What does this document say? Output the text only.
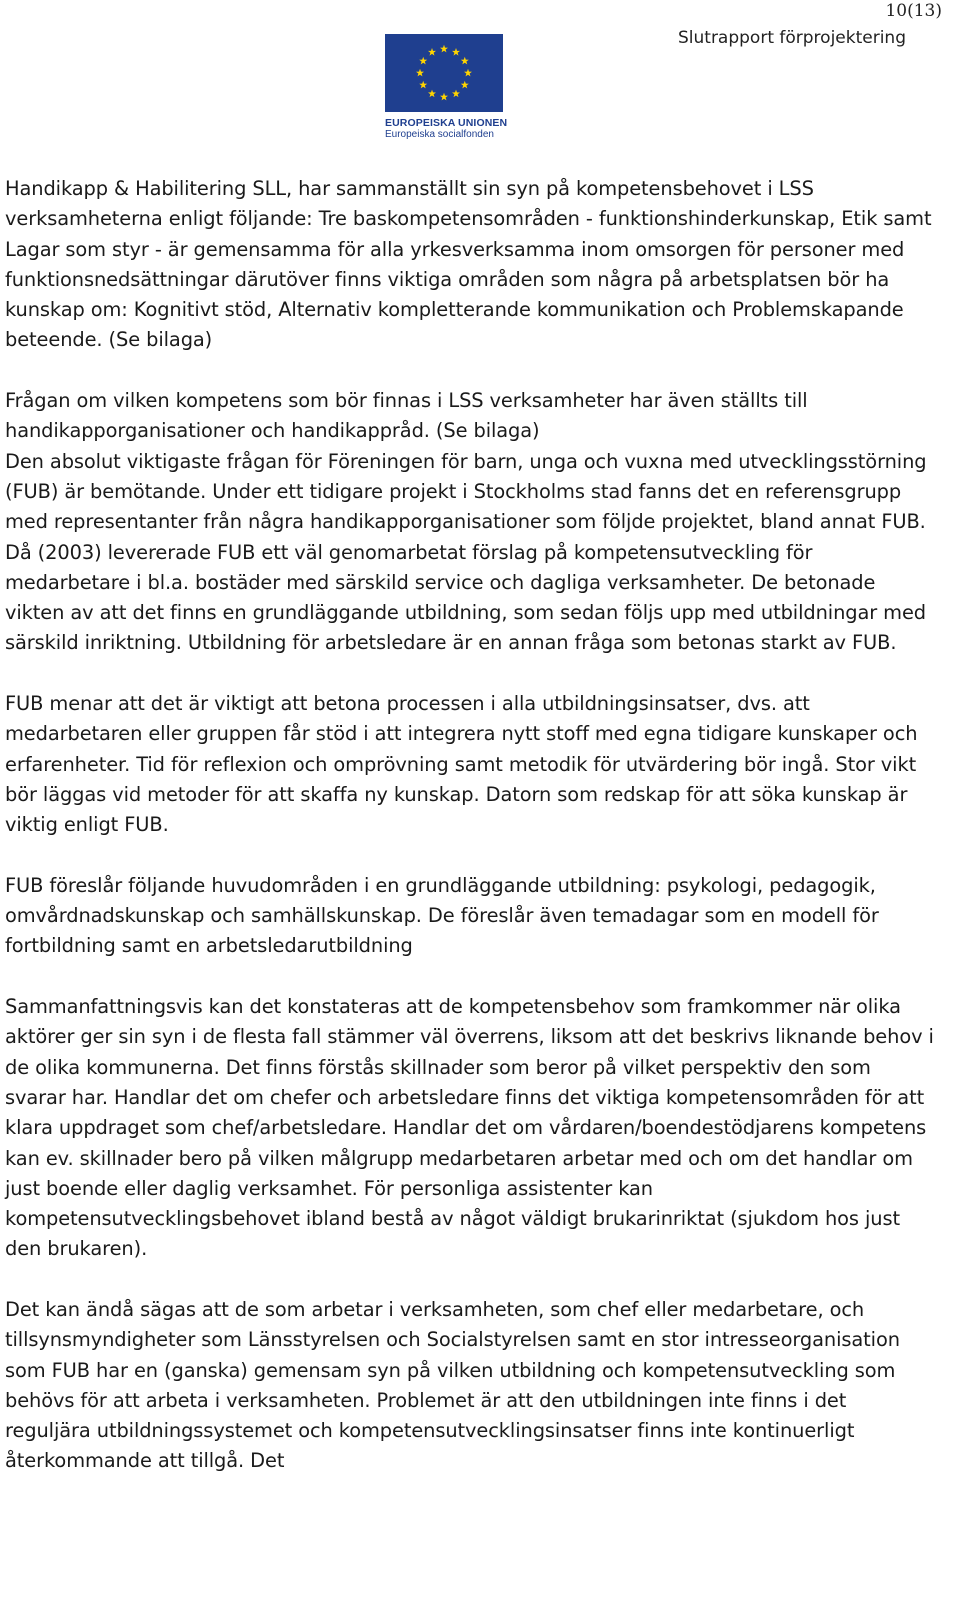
10(13)
Slutrapport förprojektering
EUROPEISKA UNIONEN
Europeiska socialfonden

Handikapp & Habilitering SLL, har sammanställt sin syn på kompetensbehovet i LSS verksamheterna enligt följande: Tre baskompetensområden - funktionshinderkunskap, Etik samt Lagar som styr - är gemensamma för alla yrkesverksamma inom omsorgen för personer med funktionsnedsättningar därutöver finns viktiga områden som några på arbetsplatsen bör ha kunskap om: Kognitivt stöd, Alternativ kompletterande kommunikation och Problemskapande beteende. (Se bilaga)

Frågan om vilken kompetens som bör finnas i LSS verksamheter har även ställts till handikapporganisationer och handikappråd. (Se bilaga)

Den absolut viktigaste frågan för Föreningen för barn, unga och vuxna med utvecklingsstörning (FUB) är bemötande. Under ett tidigare projekt i Stockholms stad fanns det en referensgrupp med representanter från några handikapporganisationer som följde projektet, bland annat FUB. Då (2003) levererade FUB ett väl genomarbetat förslag på kompetensutveckling för medarbetare i bl.a. bostäder med särskild service och dagliga verksamheter. De betonade vikten av att det finns en grundläggande utbildning, som sedan följs upp med utbildningar med särskild inriktning. Utbildning för arbetsledare är en annan fråga som betonas starkt av FUB.

FUB menar att det är viktigt att betona processen i alla utbildningsinsatser, dvs. att medarbetaren eller gruppen får stöd i att integrera nytt stoff med egna tidigare kunskaper och erfarenheter. Tid för reflexion och omprövning samt metodik för utvärdering bör ingå. Stor vikt bör läggas vid metoder för att skaffa ny kunskap. Datorn som redskap för att söka kunskap är viktig enligt FUB.

FUB föreslår följande huvudområden i en grundläggande utbildning: psykologi, pedagogik, omvårdnadskunskap och samhällskunskap. De föreslår även temadagar som en modell för fortbildning samt en arbetsledarutbildning

Sammanfattningsvis kan det konstateras att de kompetensbehov som framkommer när olika aktörer ger sin syn i de flesta fall stämmer väl överrens, liksom att det beskrivs liknande behov i de olika kommunerna. Det finns förstås skillnader som beror på vilket perspektiv den som svarar har. Handlar det om chefer och arbetsledare finns det viktiga kompetensområden för att klara uppdraget som chef/arbetsledare. Handlar det om vårdaren/boendestödjarens kompetens kan ev. skillnader bero på vilken målgrupp medarbetaren arbetar med och om det handlar om just boende eller daglig verksamhet. För personliga assistenter kan kompetensutvecklingsbehovet ibland bestå av något väldigt brukarinriktat (sjukdom hos just den brukaren).

Det kan ändå sägas att de som arbetar i verksamheten, som chef eller medarbetare, och tillsynsmyndigheter som Länsstyrelsen och Socialstyrelsen samt en stor intresseorganisation som FUB har en (ganska) gemensam syn på vilken utbildning och kompetensutveckling som behövs för att arbeta i verksamheten. Problemet är att den utbildningen inte finns i det reguljära utbildningssystemet och kompetensutvecklingsinsatser finns inte kontinuerligt återkommande att tillgå. Det
